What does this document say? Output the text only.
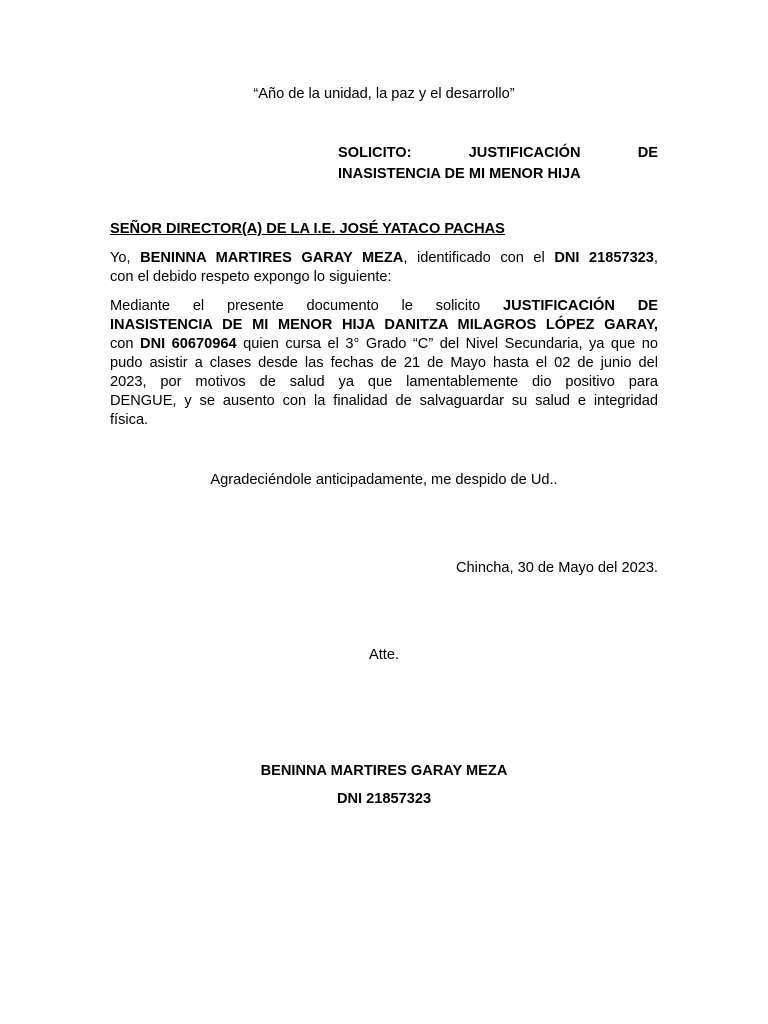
“Año de la unidad, la paz y el desarrollo”
SOLICITO:	JUSTIFICACIÓN	DE
INASISTENCIA DE MI MENOR HIJA
SEÑOR DIRECTOR(A) DE LA I.E. JOSÉ YATACO PACHAS
Yo, BENINNA MARTIRES GARAY MEZA, identificado con el DNI 21857323,
con el debido respeto expongo lo siguiente:
Mediante el presente documento le solicito JUSTIFICACIÓN DE
INASISTENCIA DE MI MENOR HIJA DANITZA MILAGROS LÓPEZ GARAY,
con DNI 60670964 quien cursa el 3° Grado “C” del Nivel Secundaria, ya que no
pudo asistir a clases desde las fechas de 21 de Mayo hasta el 02 de junio del
2023, por motivos de salud ya que lamentablemente dio positivo para
DENGUE, y se ausento con la finalidad de salvaguardar su salud e integridad
física.
Agradeciéndole anticipadamente, me despido de Ud..
Chincha, 30 de Mayo del 2023.
Atte.
BENINNA MARTIRES GARAY MEZA
DNI 21857323
